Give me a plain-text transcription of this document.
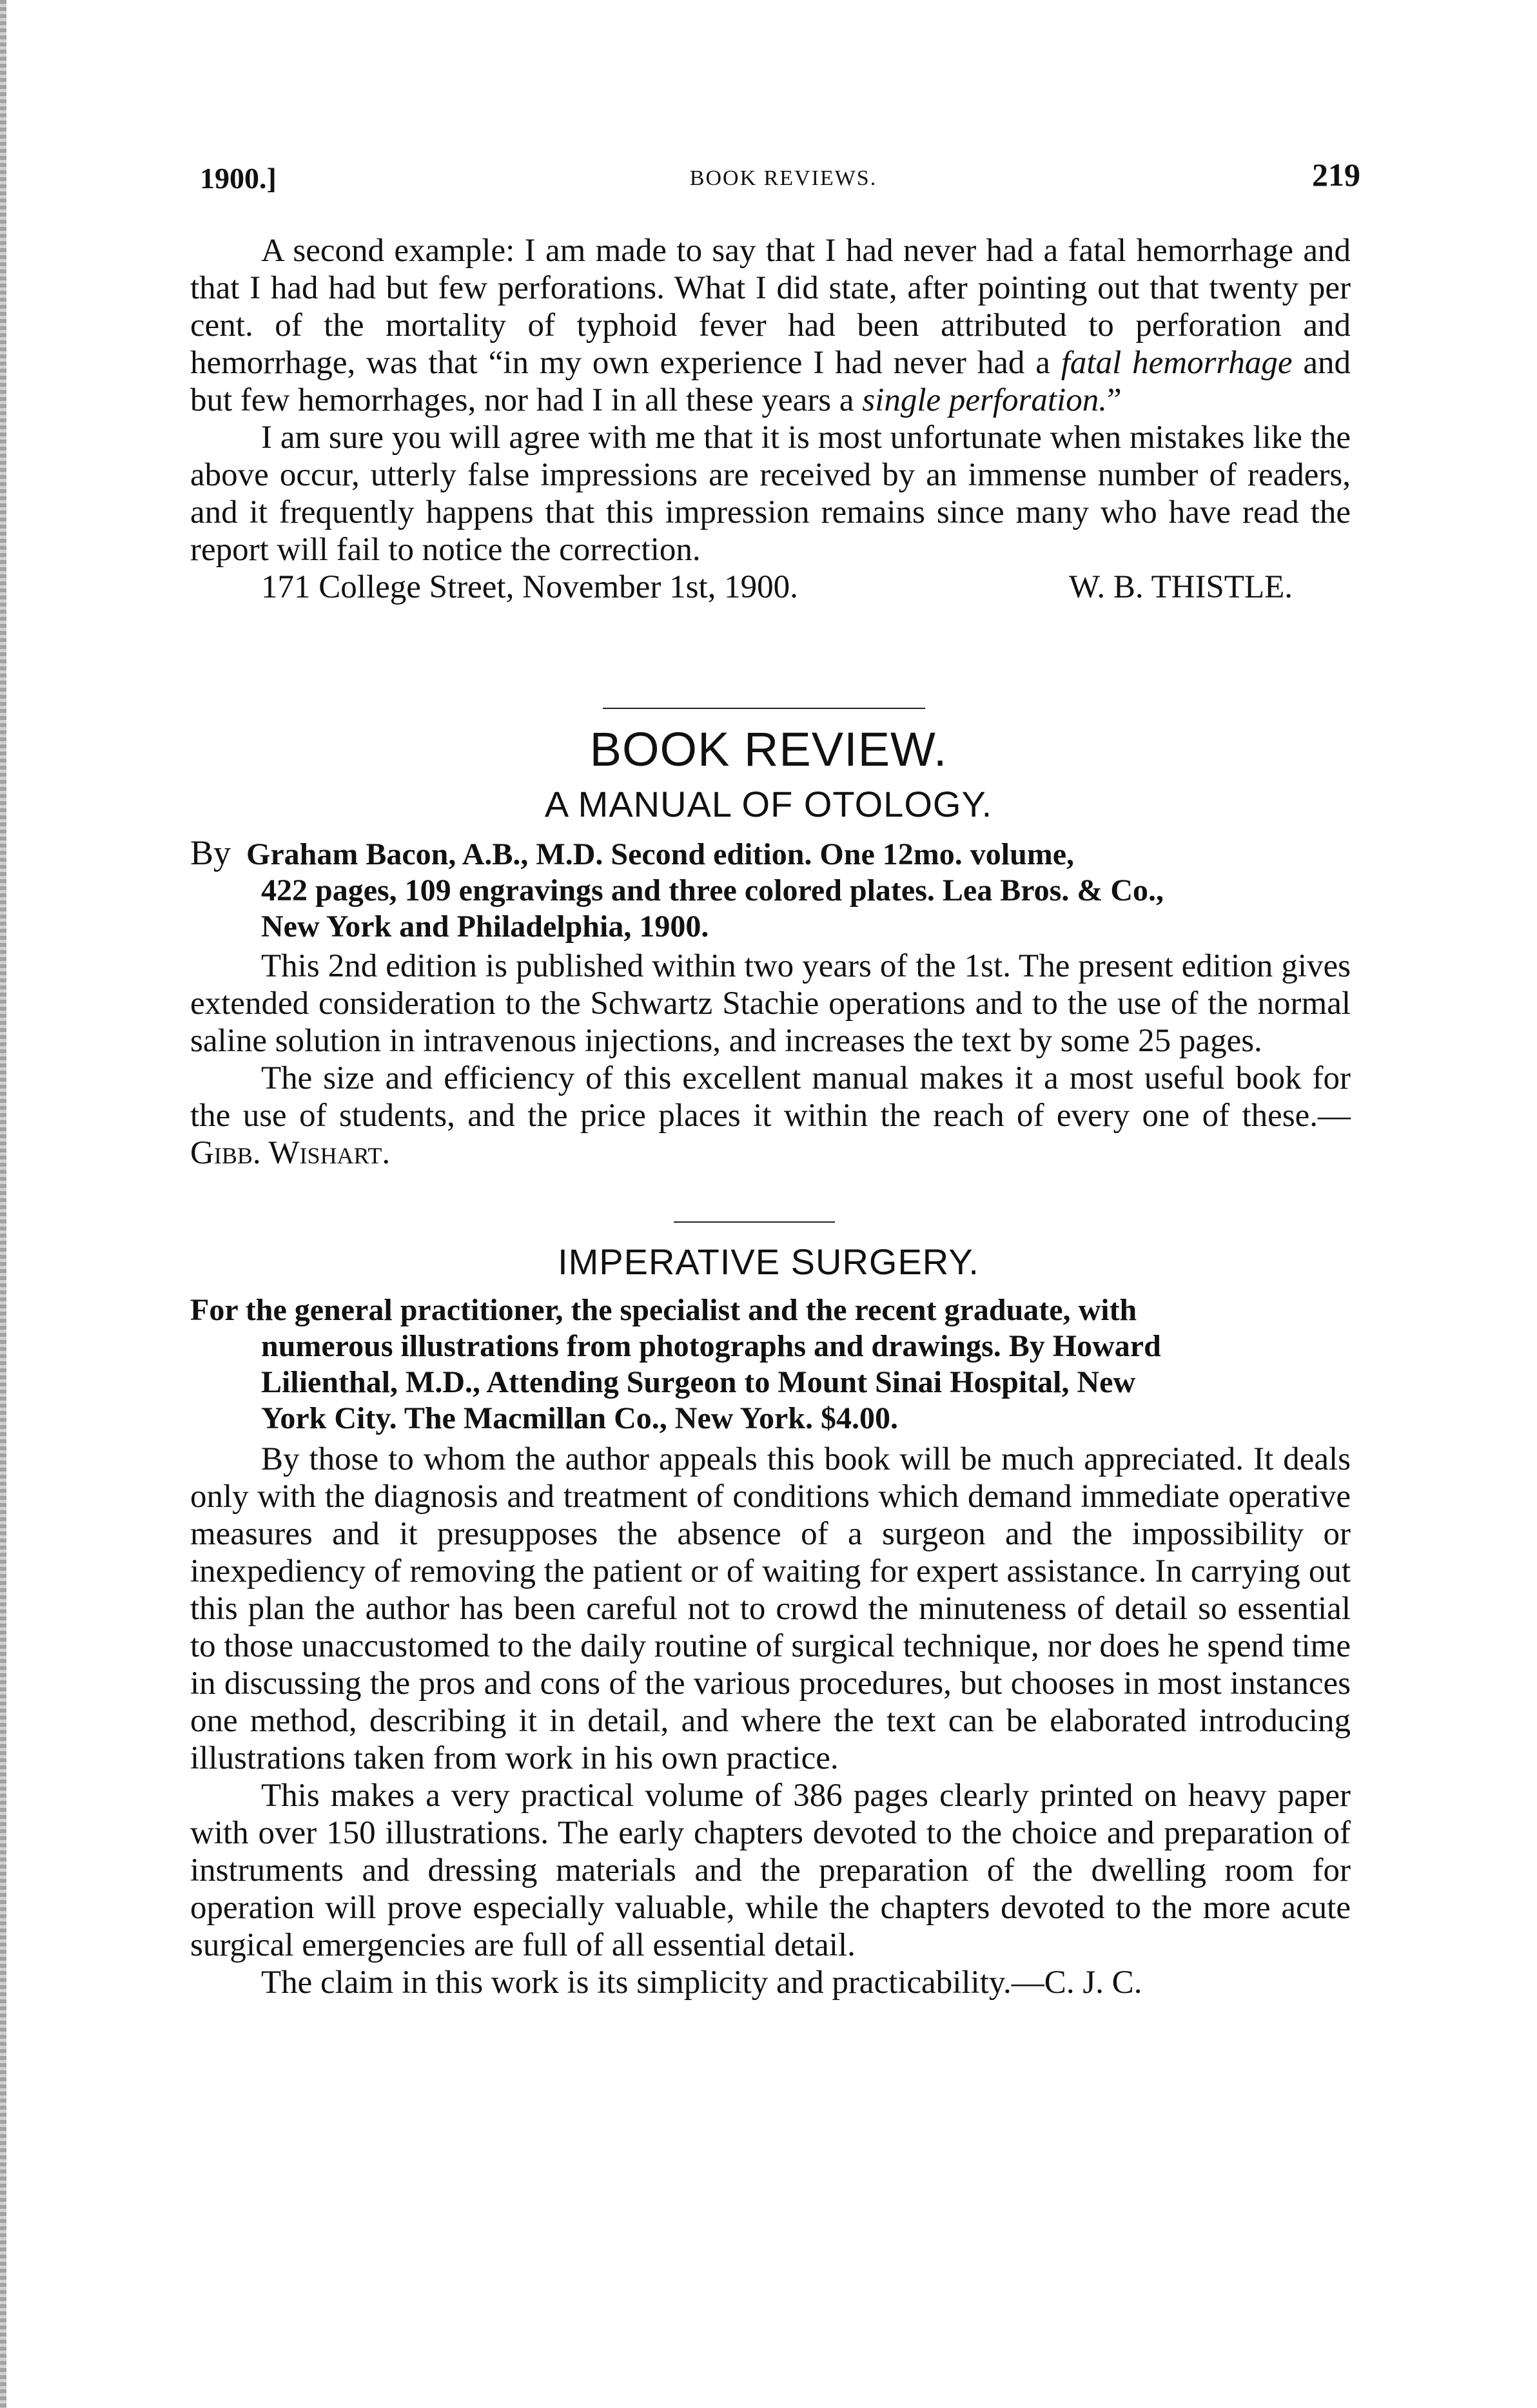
1900.]	BOOK REVIEWS.	219

A second example: I am made to say that I had never had a fatal hemorrhage and that I had had but few perforations. What I did state, after pointing out that twenty per cent. of the mortality of typhoid fever had been attributed to perforation and hemorrhage, was that “in my own experience I had never had a fatal hemorrhage and but few hemorrhages, nor had I in all these years a single perforation.”

I am sure you will agree with me that it is most unfortunate when mistakes like the above occur, utterly false impressions are received by an immense number of readers, and it frequently happens that this impression remains since many who have read the report will fail to notice the correction.

171 College Street, November 1st, 1900.	W. B. THISTLE.
BOOK REVIEW.
A MANUAL OF OTOLOGY.
By Graham Bacon, A.B., M.D. Second edition. One 12mo. volume,
422 pages, 109 engravings and three colored plates. Lea Bros. & Co.,
New York and Philadelphia, 1900.

This 2nd edition is published within two years of the 1st. The present edition gives extended consideration to the Schwartz Stachie operations and to the use of the normal saline solution in intravenous injections, and increases the text by some 25 pages.

The size and efficiency of this excellent manual makes it a most useful book for the use of students, and the price places it within the reach of every one of these.—Gibb. Wishart.

IMPERATIVE SURGERY.
For the general practitioner, the specialist and the recent graduate, with
numerous illustrations from photographs and drawings. By Howard
Lilienthal, M.D., Attending Surgeon to Mount Sinai Hospital, New
York City. The Macmillan Co., New York. $4.00.

By those to whom the author appeals this book will be much appreciated. It deals only with the diagnosis and treatment of conditions which demand immediate operative measures and it presupposes the absence of a surgeon and the impossibility or inexpediency of removing the patient or of waiting for expert assistance. In carrying out this plan the author has been careful not to crowd the minuteness of detail so essential to those unaccustomed to the daily routine of surgical technique, nor does he spend time in discussing the pros and cons of the various procedures, but chooses in most instances one method, describing it in detail, and where the text can be elaborated introducing illustrations taken from work in his own practice.

This makes a very practical volume of 386 pages clearly printed on heavy paper with over 150 illustrations. The early chapters devoted to the choice and preparation of instruments and dressing materials and the preparation of the dwelling room for operation will prove especially valuable, while the chapters devoted to the more acute surgical emergencies are full of all essential detail.

The claim in this work is its simplicity and practicability.—C. J. C.
